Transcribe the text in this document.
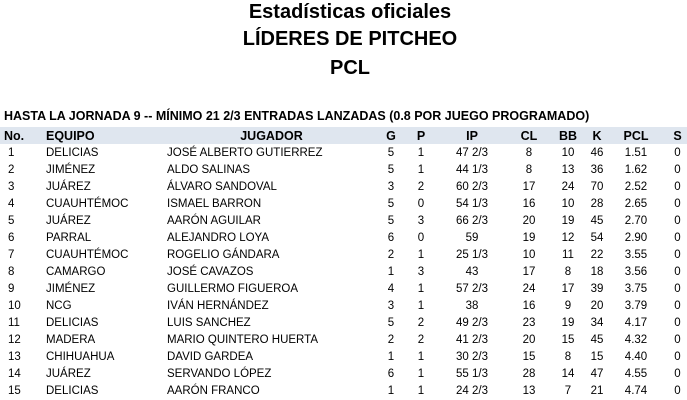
Estadísticas oficiales
LÍDERES DE PITCHEO
PCL
HASTA LA JORNADA 9 -- MÍNIMO 21 2/3 ENTRADAS LANZADAS (0.8 POR JUEGO PROGRAMADO)
No.	EQUIPO	JUGADOR	G	P	IP	CL	BB	K	PCL	S
1	DELICIAS	JOSÉ ALBERTO GUTIERREZ	5	1	47 2/3	8	10	46	1.51	0
2	JIMÉNEZ	ALDO SALINAS	5	1	44 1/3	8	13	36	1.62	0
3	JUÁREZ	ÁLVARO SANDOVAL	3	2	60 2/3	17	24	70	2.52	0
4	CUAUHTÉMOC	ISMAEL BARRON	5	0	54 1/3	16	10	28	2.65	0
5	JUÁREZ	AARÓN AGUILAR	5	3	66 2/3	20	19	45	2.70	0
6	PARRAL	ALEJANDRO LOYA	6	0	59	19	12	54	2.90	0
7	CUAUHTÉMOC	ROGELIO GÁNDARA	2	1	25 1/3	10	11	22	3.55	0
8	CAMARGO	JOSÉ CAVAZOS	1	3	43	17	8	18	3.56	0
9	JIMÉNEZ	GUILLERMO FIGUEROA	4	1	57 2/3	24	17	39	3.75	0
10	NCG	IVÁN HERNÁNDEZ	3	1	38	16	9	20	3.79	0
11	DELICIAS	LUIS SANCHEZ	5	2	49 2/3	23	19	34	4.17	0
12	MADERA	MARIO QUINTERO HUERTA	2	2	41 2/3	20	15	45	4.32	0
13	CHIHUAHUA	DAVID GARDEA	1	1	30 2/3	15	8	15	4.40	0
14	JUÁREZ	SERVANDO LÓPEZ	6	1	55 1/3	28	14	47	4.55	0
15	DELICIAS	AARÓN FRANCO	1	1	24 2/3	13	7	21	4.74	0
